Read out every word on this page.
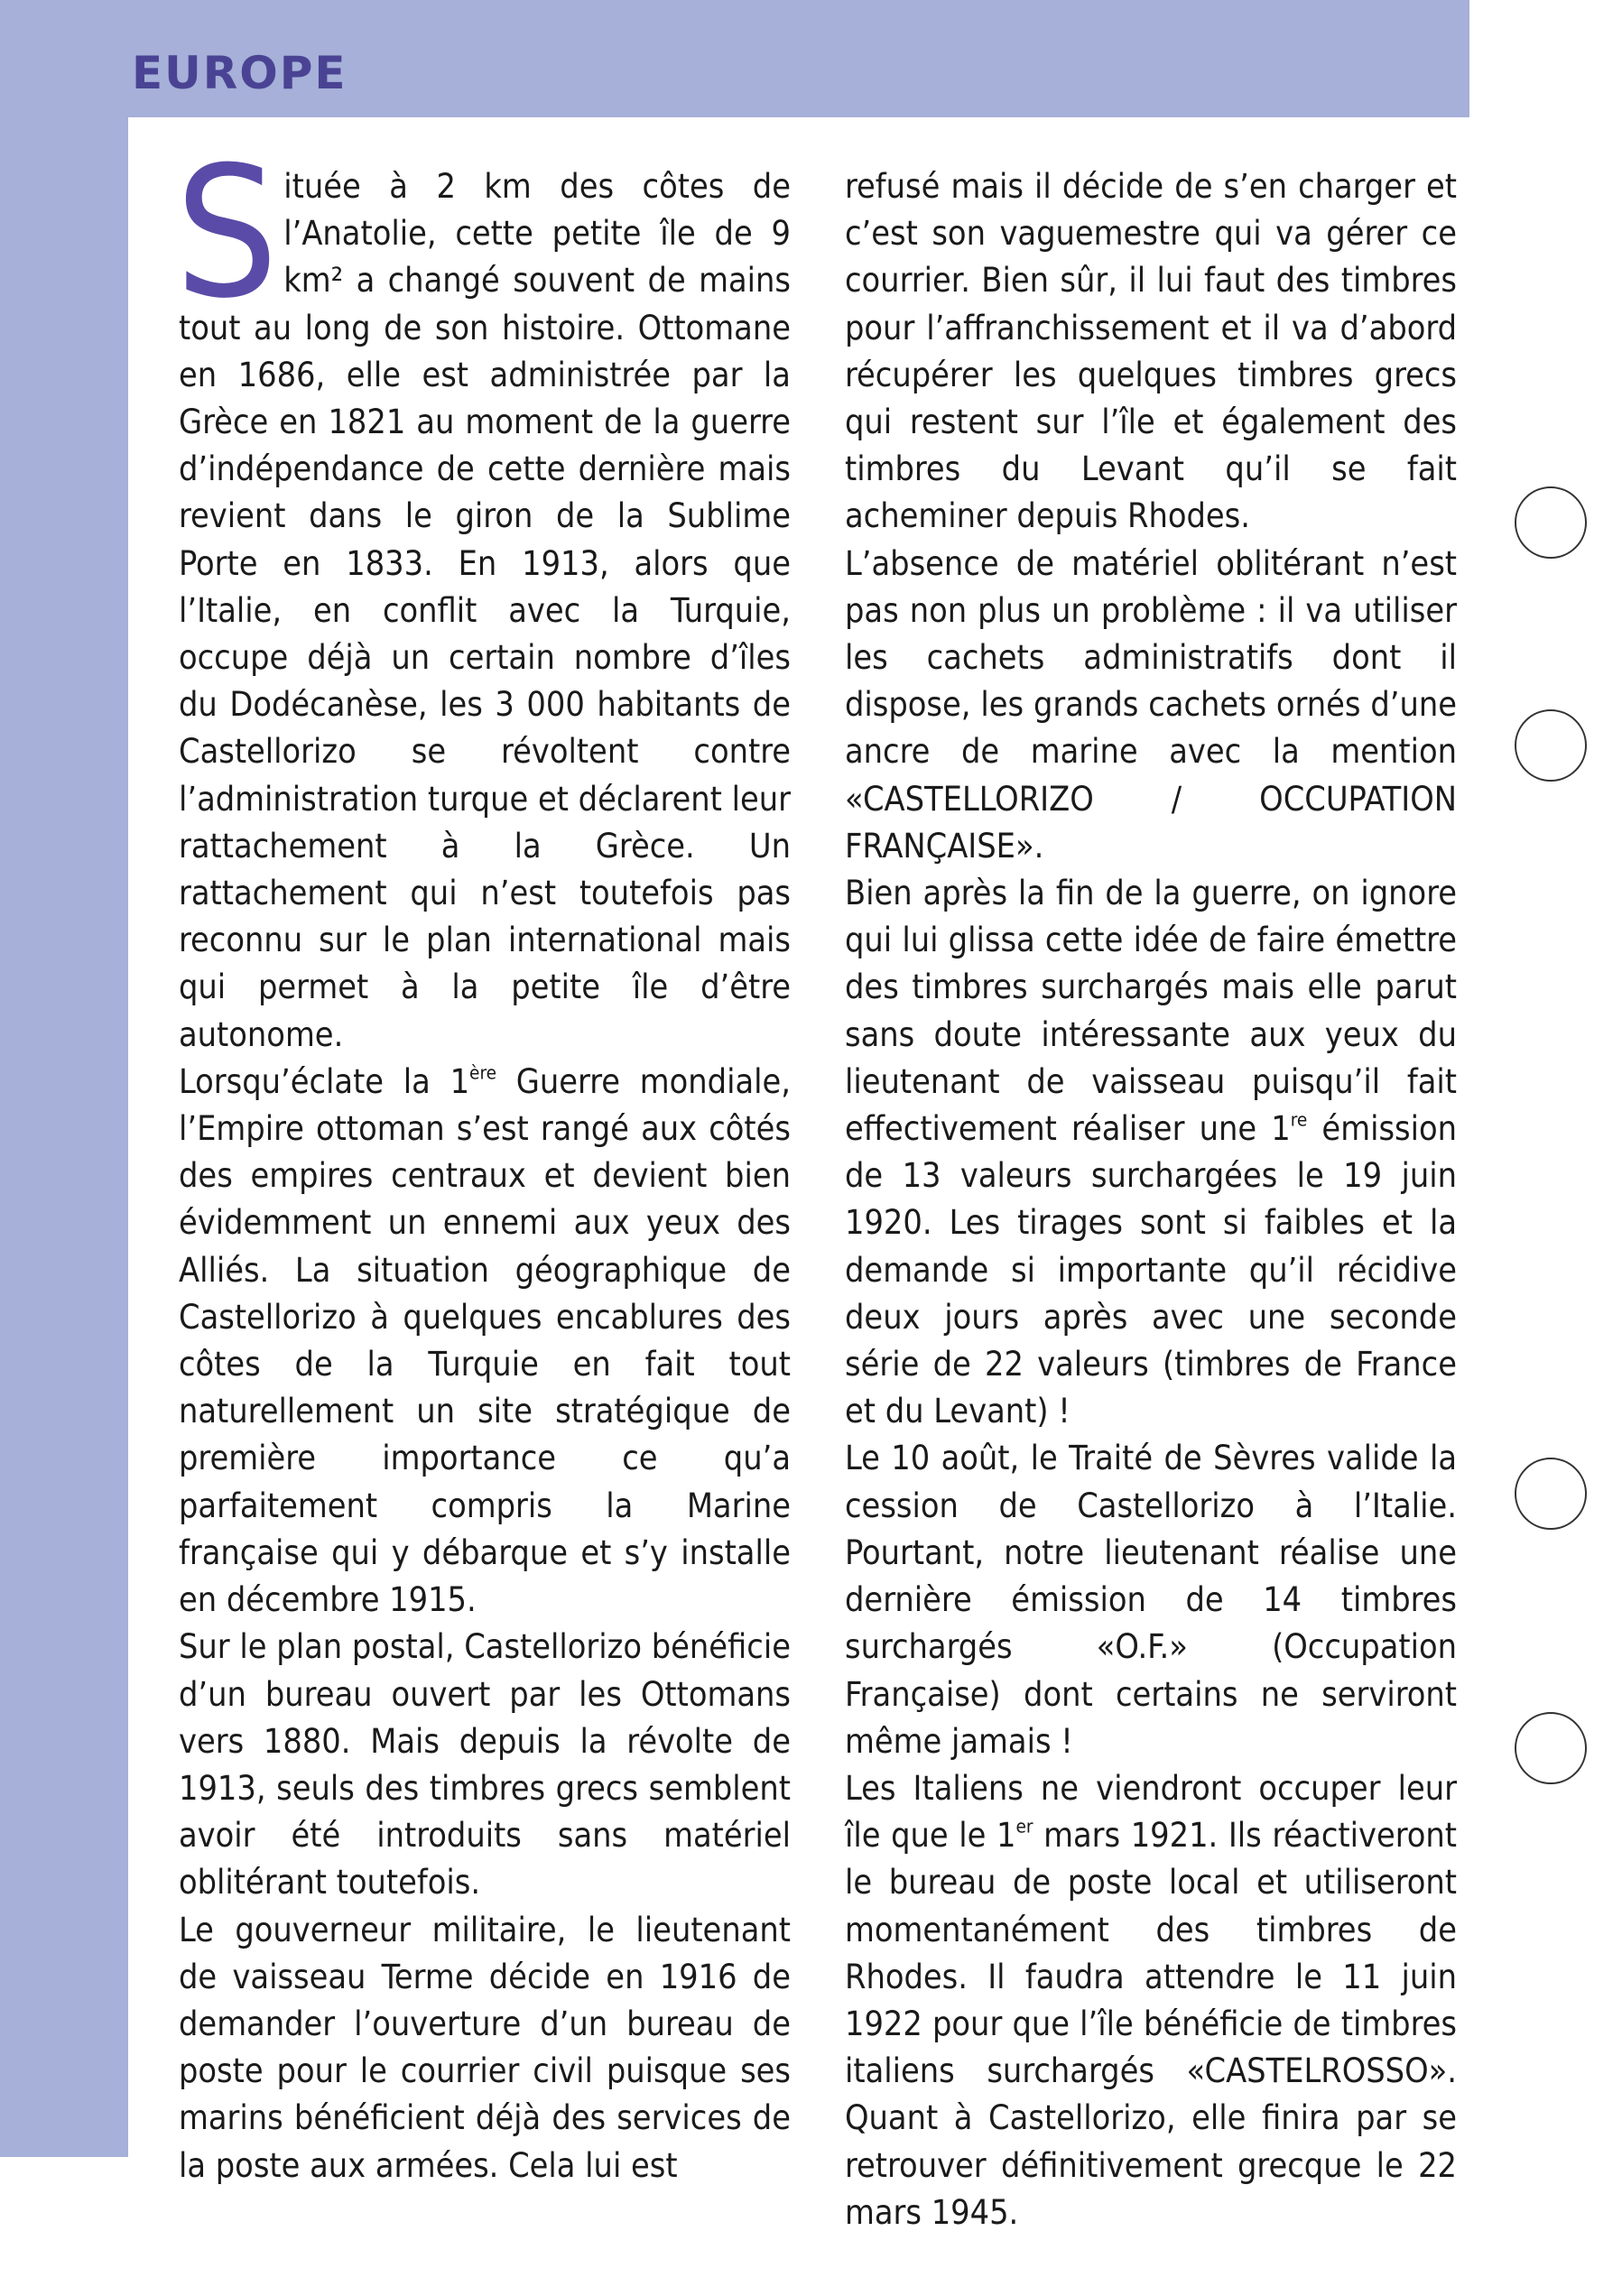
EUROPE

Située à 2 km des côtes de l’Anatolie, cette petite île de 9 km² a changé souvent de mains tout au long de son histoire. Ottomane en 1686, elle est administrée par la Grèce en 1821 au moment de la guerre d’indépendance de cette dernière mais revient dans le giron de la Sublime Porte en 1833. En 1913, alors que l’Italie, en conflit avec la Turquie, occupe déjà un certain nombre d’îles du Dodécanèse, les 3 000 habitants de Castellorizo se révoltent contre l’administration turque et déclarent leur rattachement à la Grèce. Un rattachement qui n’est toutefois pas reconnu sur le plan international mais qui permet à la petite île d’être autonome.

Lorsqu’éclate la 1ère Guerre mondiale, l’Empire ottoman s’est rangé aux côtés des empires centraux et devient bien évidemment un ennemi aux yeux des Alliés. La situation géographique de Castellorizo à quelques encablures des côtes de la Turquie en fait tout naturellement un site stratégique de première importance ce qu’a parfaitement compris la Marine française qui y débarque et s’y installe en décembre 1915.

Sur le plan postal, Castellorizo bénéficie d’un bureau ouvert par les Ottomans vers 1880. Mais depuis la révolte de 1913, seuls des timbres grecs semblent avoir été introduits sans matériel oblitérant toutefois.

Le gouverneur militaire, le lieutenant de vaisseau Terme décide en 1916 de demander l’ouverture d’un bureau de poste pour le courrier civil puisque ses marins bénéficient déjà des services de la poste aux armées. Cela lui est

refusé mais il décide de s’en charger et c’est son vaguemestre qui va gérer ce courrier. Bien sûr, il lui faut des timbres pour l’affranchissement et il va d’abord récupérer les quelques timbres grecs qui restent sur l’île et également des timbres du Levant qu’il se fait acheminer depuis Rhodes.

L’absence de matériel oblitérant n’est pas non plus un problème : il va utiliser les cachets administratifs dont il dispose, les grands cachets ornés d’une ancre de marine avec la mention «CASTELLORIZO / OCCUPATION FRANÇAISE».

Bien après la fin de la guerre, on ignore qui lui glissa cette idée de faire émettre des timbres surchargés mais elle parut sans doute intéressante aux yeux du lieutenant de vaisseau puisqu’il fait effectivement réaliser une 1re émission de 13 valeurs surchargées le 19 juin 1920. Les tirages sont si faibles et la demande si importante qu’il récidive deux jours après avec une seconde série de 22 valeurs (timbres de France et du Levant) !

Le 10 août, le Traité de Sèvres valide la cession de Castellorizo à l’Italie. Pourtant, notre lieutenant réalise une dernière émission de 14 timbres surchargés «O.F.» (Occupation Française) dont certains ne serviront même jamais !

Les Italiens ne viendront occuper leur île que le 1er mars 1921. Ils réactiveront le bureau de poste local et utiliseront momentanément des timbres de Rhodes. Il faudra attendre le 11 juin 1922 pour que l’île bénéficie de timbres italiens surchargés «CASTELROSSO». Quant à Castellorizo, elle finira par se retrouver définitivement grecque le 22 mars 1945.
